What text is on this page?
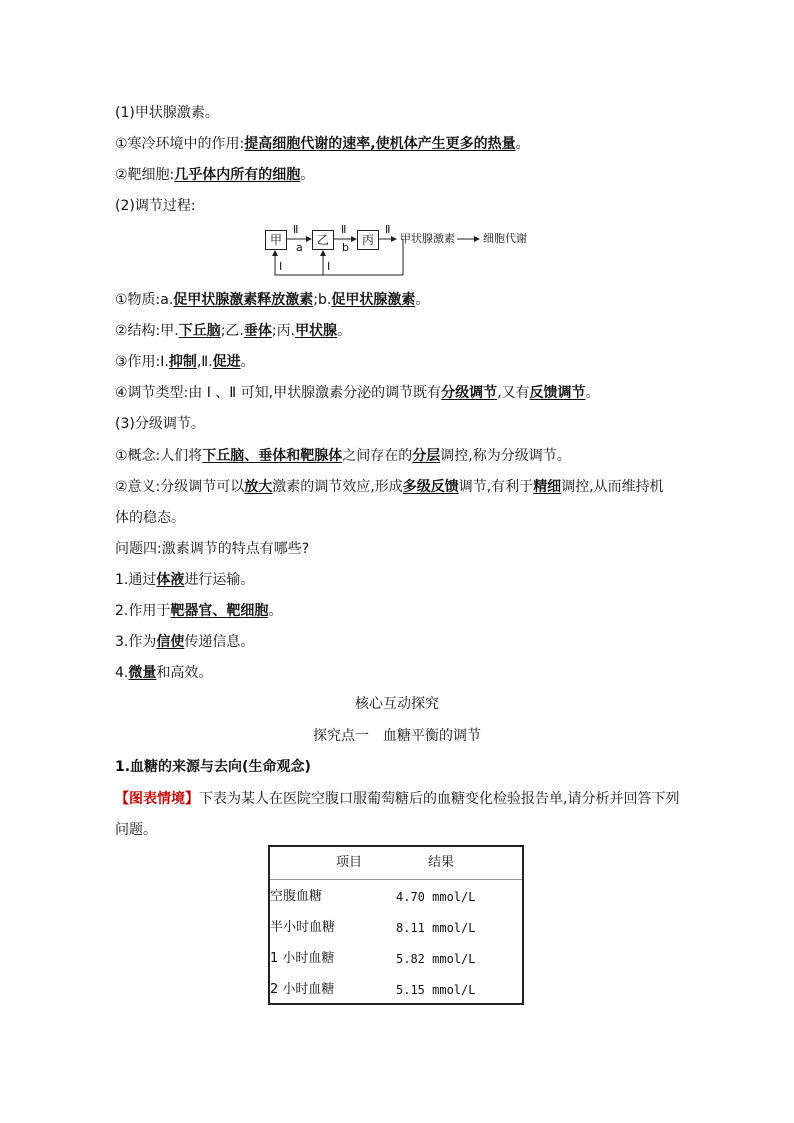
(1)甲状腺激素。
①寒冷环境中的作用:提高细胞代谢的速率,使机体产生更多的热量。
②靶细胞:几乎体内所有的细胞。
(2)调节过程:
甲	乙	丙
Ⅱ	Ⅱ	Ⅱ
a	b
甲状腺激素	细胞代谢
Ⅰ	Ⅰ
①物质:a.促甲状腺激素释放激素;b.促甲状腺激素。
②结构:甲.下丘脑;乙.垂体;丙.甲状腺。
③作用:Ⅰ.抑制,Ⅱ.促进。
④调节类型:由 Ⅰ 、Ⅱ 可知,甲状腺激素分泌的调节既有分级调节,又有反馈调节。
(3)分级调节。
①概念:人们将下丘脑、垂体和靶腺体之间存在的分层调控,称为分级调节。
②意义:分级调节可以放大激素的调节效应,形成多级反馈调节,有利于精细调控,从而维持机
体的稳态。
问题四:激素调节的特点有哪些?
1.通过体液进行运输。
2.作用于靶器官、靶细胞。
3.作为信使传递信息。
4.微量和高效。
核心互动探究
探究点一　血糖平衡的调节
1.血糖的来源与去向(生命观念)
【图表情境】下表为某人在医院空腹口服葡萄糖后的血糖变化检验报告单,请分析并回答下列
问题。
项目	结果
空腹血糖	4.70 mmol/L
半小时血糖	8.11 mmol/L
1 小时血糖	5.82 mmol/L
2 小时血糖	5.15 mmol/L
